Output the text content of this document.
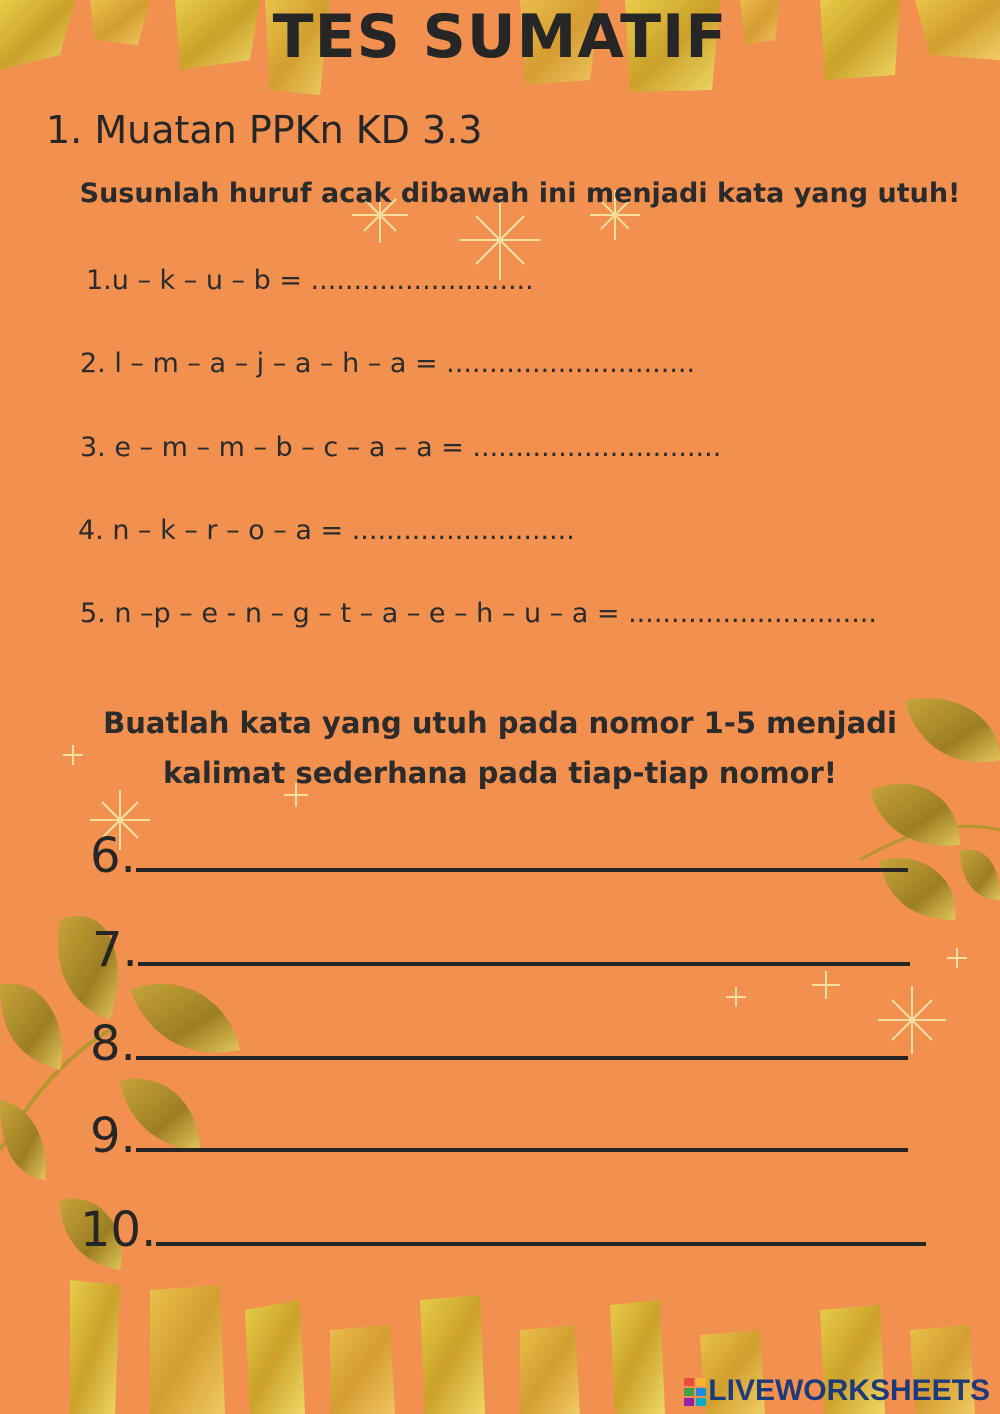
TES SUMATIF
1. Muatan PPKn KD 3.3
Susunlah huruf acak dibawah ini menjadi kata yang utuh!
1.u – k – u – b = ..........................
2. l – m – a – j – a – h – a = .............................
3. e – m – m – b – c – a – a = .............................
4. n – k – r – o – a = ..........................
5. n –p – e - n – g – t – a – e – h – u – a = .............................
Buatlah kata yang utuh pada nomor 1-5 menjadi
kalimat sederhana pada tiap-tiap nomor!
6.
7.
8.
9.
10.
LIVEWORKSHEETS
